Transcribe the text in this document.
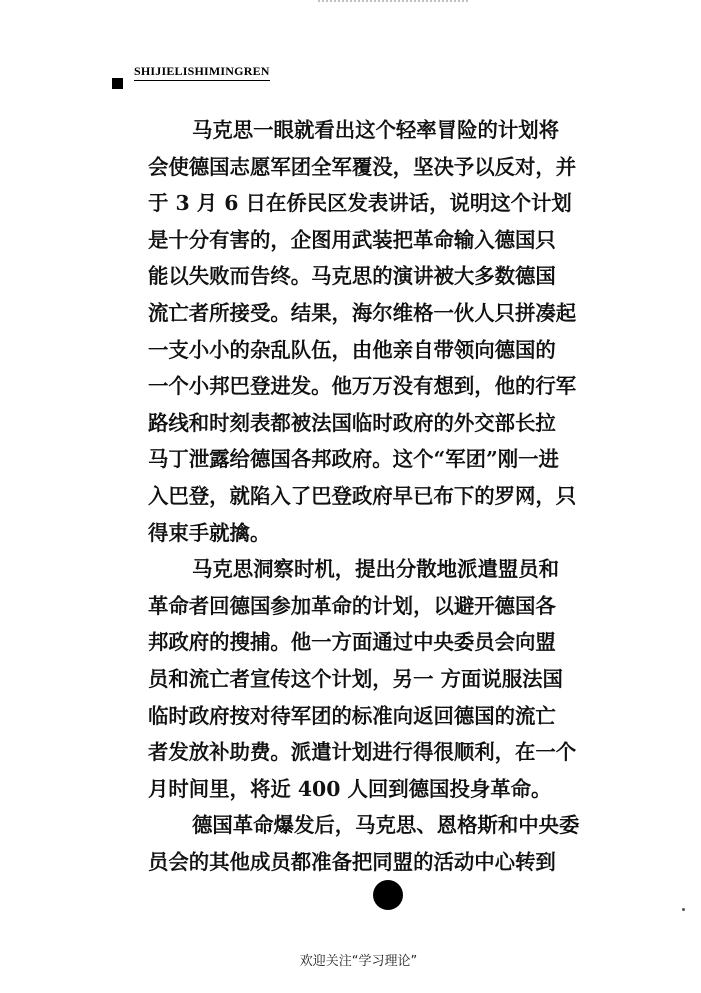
SHIJIELISHIMINGREN
马克思一眼就看出这个轻率冒险的计划将
会使德国志愿军团全军覆没，坚决予以反对，并
于 3 月 6 日在侨民区发表讲话，说明这个计划
是十分有害的，企图用武装把革命输入德国只
能以失败而告终。马克思的演讲被大多数德国
流亡者所接受。结果，海尔维格一伙人只拼凑起
一支小小的杂乱队伍，由他亲自带领向德国的
一个小邦巴登进发。他万万没有想到，他的行军
路线和时刻表都被法国临时政府的外交部长拉
马丁泄露给德国各邦政府。这个“军团”刚一进
入巴登，就陷入了巴登政府早已布下的罗网，只
得束手就擒。
马克思洞察时机，提出分散地派遣盟员和
革命者回德国参加革命的计划，以避开德国各
邦政府的搜捕。他一方面通过中央委员会向盟
员和流亡者宣传这个计划，另一 方面说服法国
临时政府按对待军团的标准向返回德国的流亡
者发放补助费。派遣计划进行得很顺利，在一个
月时间里，将近 400 人回到德国投身革命。
德国革命爆发后，马克思、恩格斯和中央委
员会的其他成员都准备把同盟的活动中心转到
欢迎关注“学习理论”
